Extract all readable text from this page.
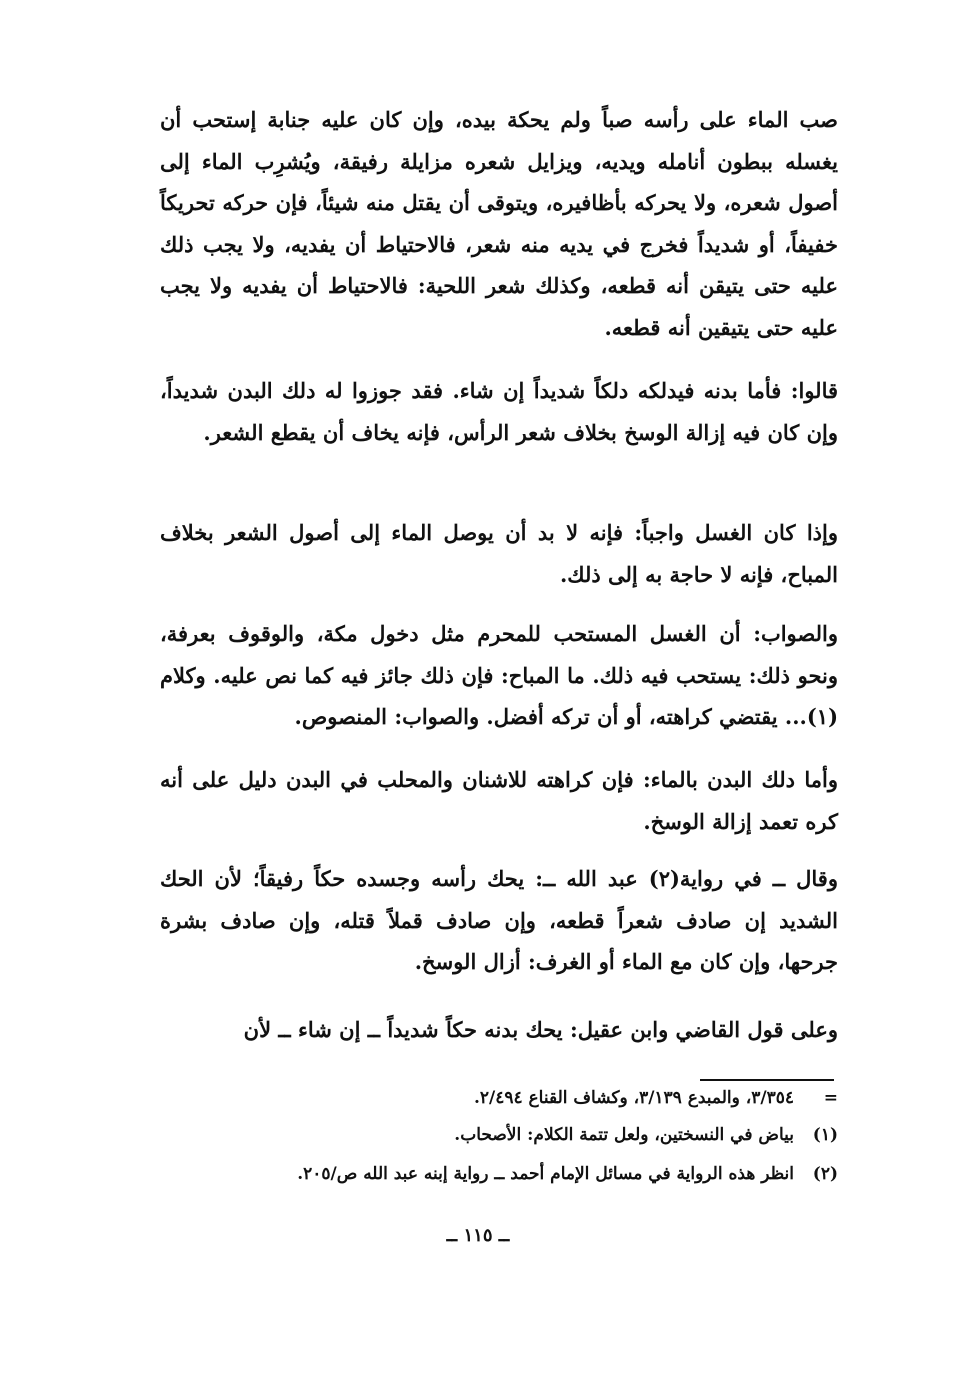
صب الماء على رأسه صباً ولم يحكة بيده، وإن كان عليه جنابة إستحب أن يغسله ببطون أنامله ويديه، ويزايل شعره مزايلة رفيقة، ويُشرِب الماء إلى أصول شعره، ولا يحركه بأظافيره، ويتوقى أن يقتل منه شيئاً، فإن حركه تحريكاً خفيفاً، أو شديداً فخرج في يديه منه شعر، فالاحتياط أن يفديه، ولا يجب ذلك عليه حتى يتيقن أنه قطعه، وكذلك شعر اللحية: فالاحتياط أن يفديه ولا يجب عليه حتى يتيقين أنه قطعه.

قالوا: فأما بدنه فيدلكه دلكاً شديداً إن شاء. فقد جوزوا له دلك البدن شديداً، وإن كان فيه إزالة الوسخ بخلاف شعر الرأس، فإنه يخاف أن يقطع الشعر.

وإذا كان الغسل واجباً: فإنه لا بد أن يوصل الماء إلى أصول الشعر بخلاف المباح، فإنه لا حاجة به إلى ذلك.

والصواب: أن الغسل المستحب للمحرم مثل دخول مكة، والوقوف بعرفة، ونحو ذلك: يستحب فيه ذلك. ما المباح: فإن ذلك جائز فيه كما نص عليه. وكلام (١)... يقتضي كراهته، أو أن تركه أفضل. والصواب: المنصوص.

وأما دلك البدن بالماء: فإن كراهته للاشنان والمحلب في البدن دليل على أنه كره تعمد إزالة الوسخ.

وقال ــ في رواية(٢) عبد الله ــ: يحك رأسه وجسده حكاً رفيقاً؛ لأن الحك الشديد إن صادف شعراً قطعه، وإن صادف قملاً قتله، وإن صادف بشرة جرحها، وإن كان مع الماء أو الغرف: أزال الوسخ.

وعلى قول القاضي وابن عقيل: يحك بدنه حكاً شديداً ــ إن شاء ــ لأن

=٣/٣٥٤، والمبدع ٣/١٣٩، وكشاف القناع ٢/٤٩٤.
(١)بياض في النسختين، ولعل تتمة الكلام: الأصحاب.
(٢)انظر هذه الرواية في مسائل الإمام أحمد ــ رواية إبنه عبد الله ص/٢٠٥.
ــ ١١٥ ــ
